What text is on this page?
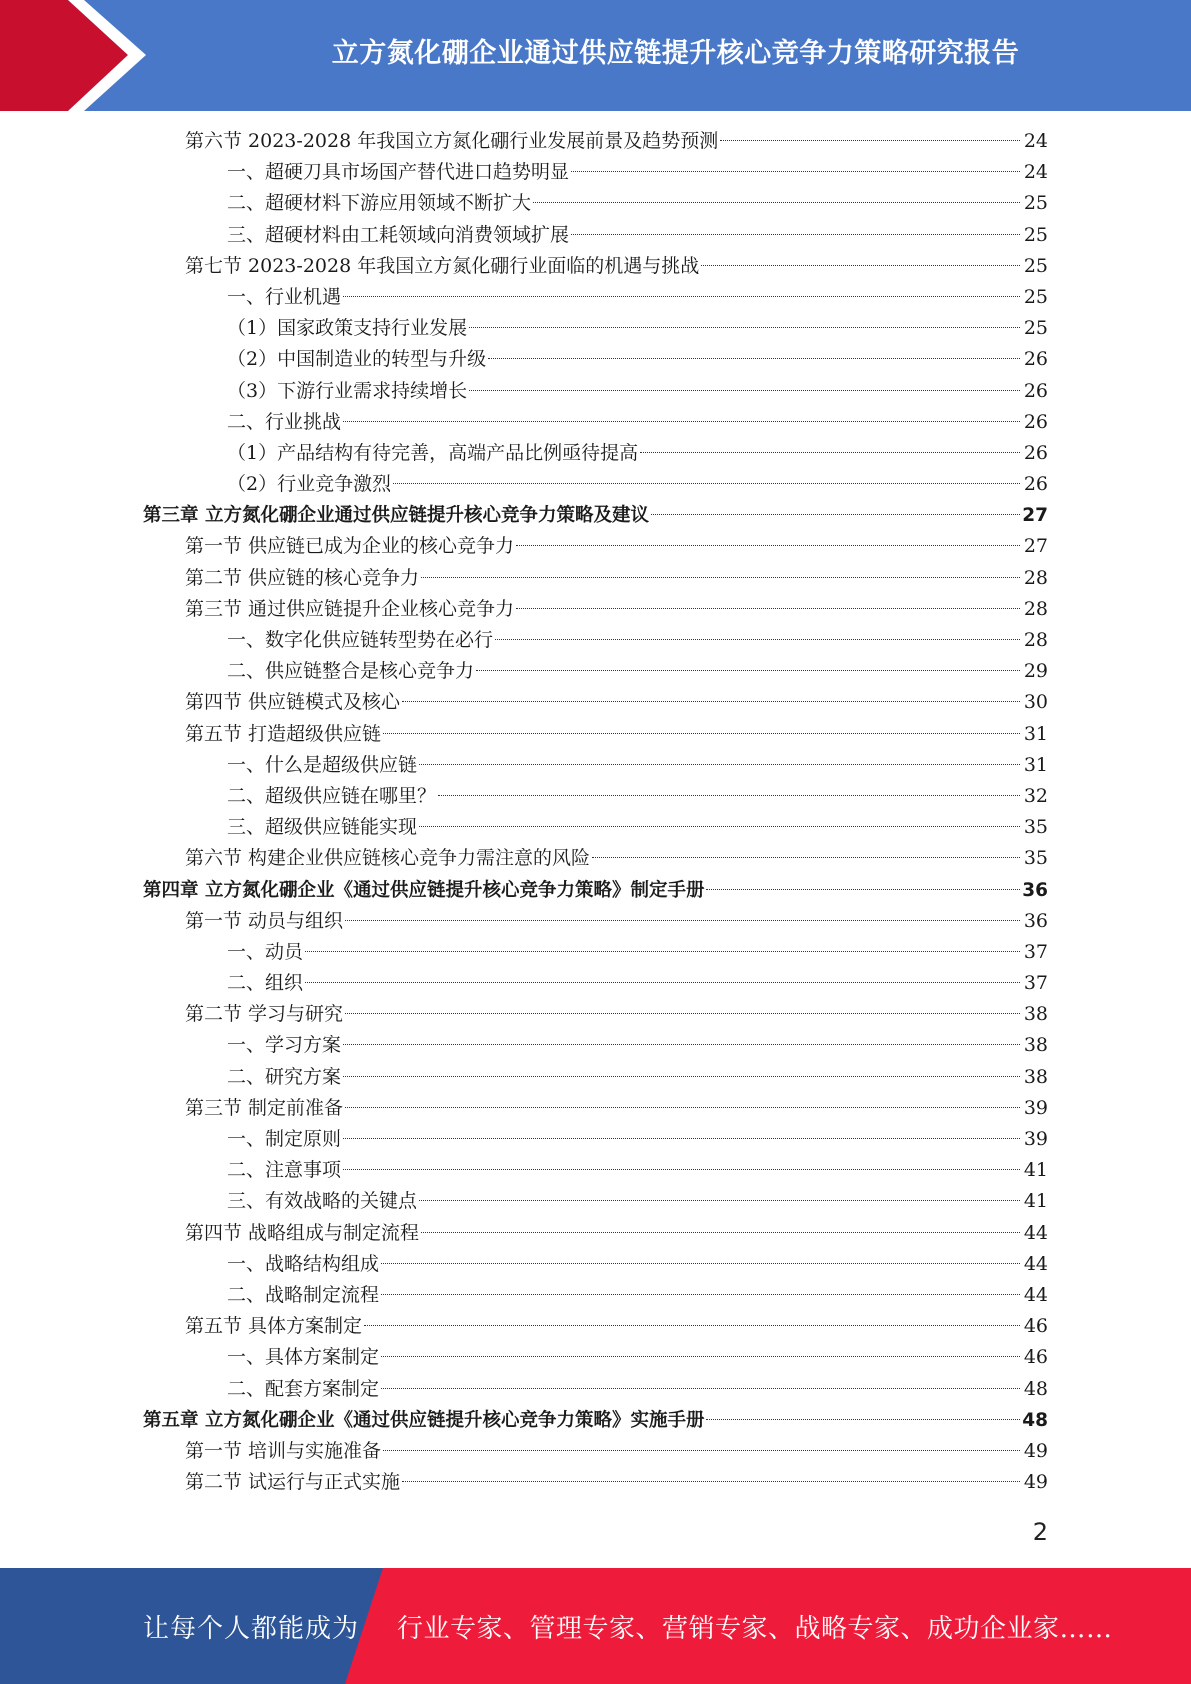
立方氮化硼企业通过供应链提升核心竞争力策略研究报告
第六节 2023-2028 年我国立方氮化硼行业发展前景及趋势预测	24
一、超硬刀具市场国产替代进口趋势明显	24
二、超硬材料下游应用领域不断扩大	25
三、超硬材料由工耗领域向消费领域扩展	25
第七节 2023-2028 年我国立方氮化硼行业面临的机遇与挑战	25
一、行业机遇	25
（1）国家政策支持行业发展	25
（2）中国制造业的转型与升级	26
（3）下游行业需求持续增长	26
二、行业挑战	26
（1）产品结构有待完善，高端产品比例亟待提高	26
（2）行业竞争激烈	26
第三章 立方氮化硼企业通过供应链提升核心竞争力策略及建议	27
第一节 供应链已成为企业的核心竞争力	27
第二节 供应链的核心竞争力	28
第三节 通过供应链提升企业核心竞争力	28
一、数字化供应链转型势在必行	28
二、供应链整合是核心竞争力	29
第四节 供应链模式及核心	30
第五节 打造超级供应链	31
一、什么是超级供应链	31
二、超级供应链在哪里？	32
三、超级供应链能实现	35
第六节 构建企业供应链核心竞争力需注意的风险	35
第四章 立方氮化硼企业《通过供应链提升核心竞争力策略》制定手册	36
第一节 动员与组织	36
一、动员	37
二、组织	37
第二节 学习与研究	38
一、学习方案	38
二、研究方案	38
第三节 制定前准备	39
一、制定原则	39
二、注意事项	41
三、有效战略的关键点	41
第四节 战略组成与制定流程	44
一、战略结构组成	44
二、战略制定流程	44
第五节 具体方案制定	46
一、具体方案制定	46
二、配套方案制定	48
第五章 立方氮化硼企业《通过供应链提升核心竞争力策略》实施手册	48
第一节 培训与实施准备	49
第二节 试运行与正式实施	49
2
让每个人都能成为 行业专家、管理专家、营销专家、战略专家、成功企业家……
